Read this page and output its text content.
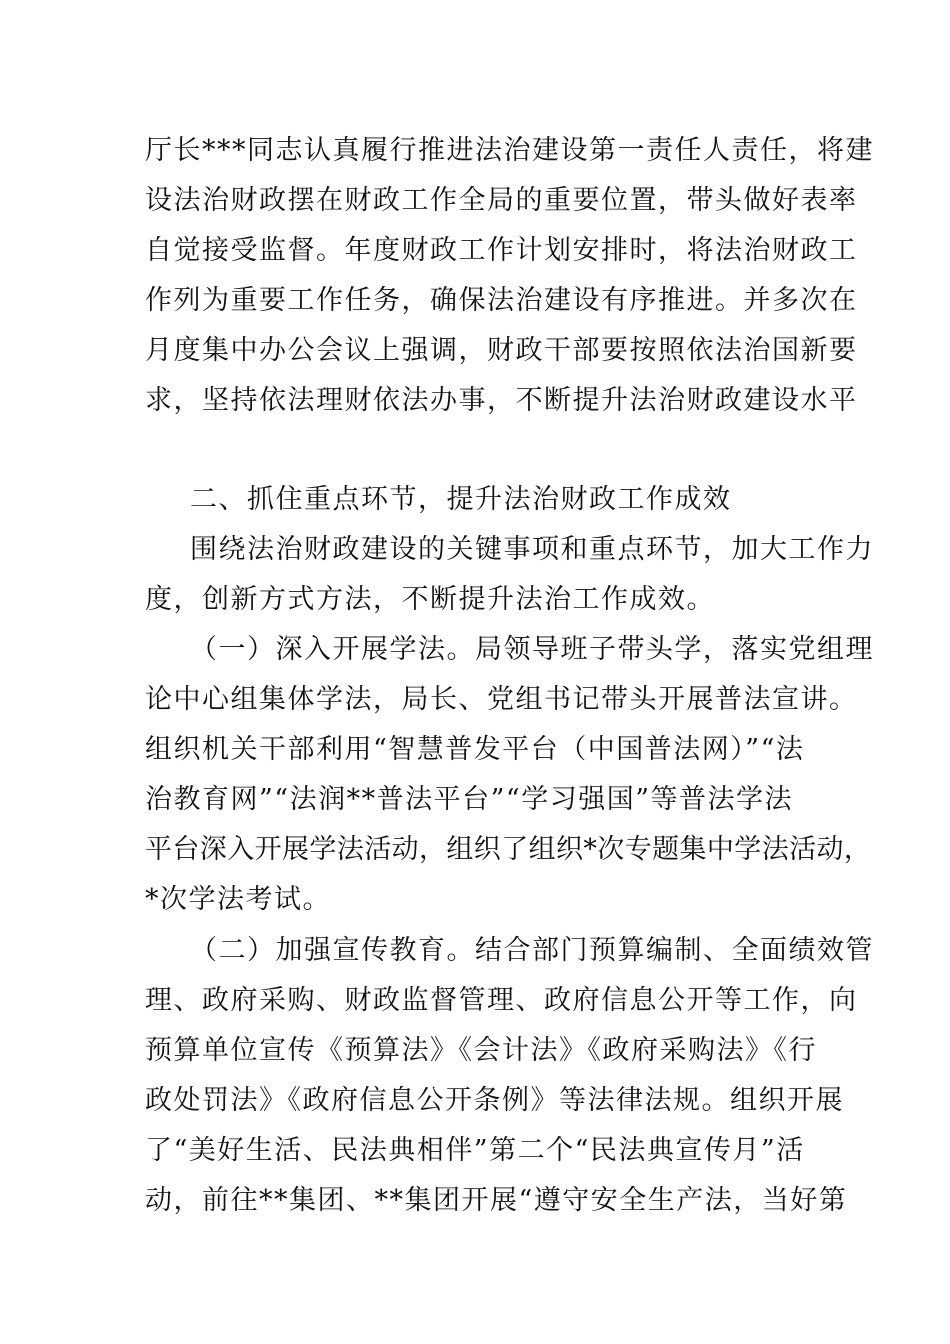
厅长***同志认真履行推进法治建设第一责任人责任，将建
设法治财政摆在财政工作全局的重要位置，带头做好表率
自觉接受监督。年度财政工作计划安排时，将法治财政工
作列为重要工作任务，确保法治建设有序推进。并多次在
月度集中办公会议上强调，财政干部要按照依法治国新要
求，坚持依法理财依法办事，不断提升法治财政建设水平
二、抓住重点环节，提升法治财政工作成效
围绕法治财政建设的关键事项和重点环节，加大工作力
度，创新方式方法，不断提升法治工作成效。
（一）深入开展学法。局领导班子带头学，落实党组理
论中心组集体学法，局长、党组书记带头开展普法宣讲。
组织机关干部利用“智慧普发平台（中国普法网）”“法
治教育网”“法润**普法平台”“学习强国”等普法学法
平台深入开展学法活动，组织了组织*次专题集中学法活动，
*次学法考试。
（二）加强宣传教育。结合部门预算编制、全面绩效管
理、政府采购、财政监督管理、政府信息公开等工作，向
预算单位宣传《预算法》《会计法》《政府采购法》《行
政处罚法》《政府信息公开条例》等法律法规。组织开展
了“美好生活、民法典相伴”第二个“民法典宣传月”活
动，前往**集团、**集团开展“遵守安全生产法，当好第
